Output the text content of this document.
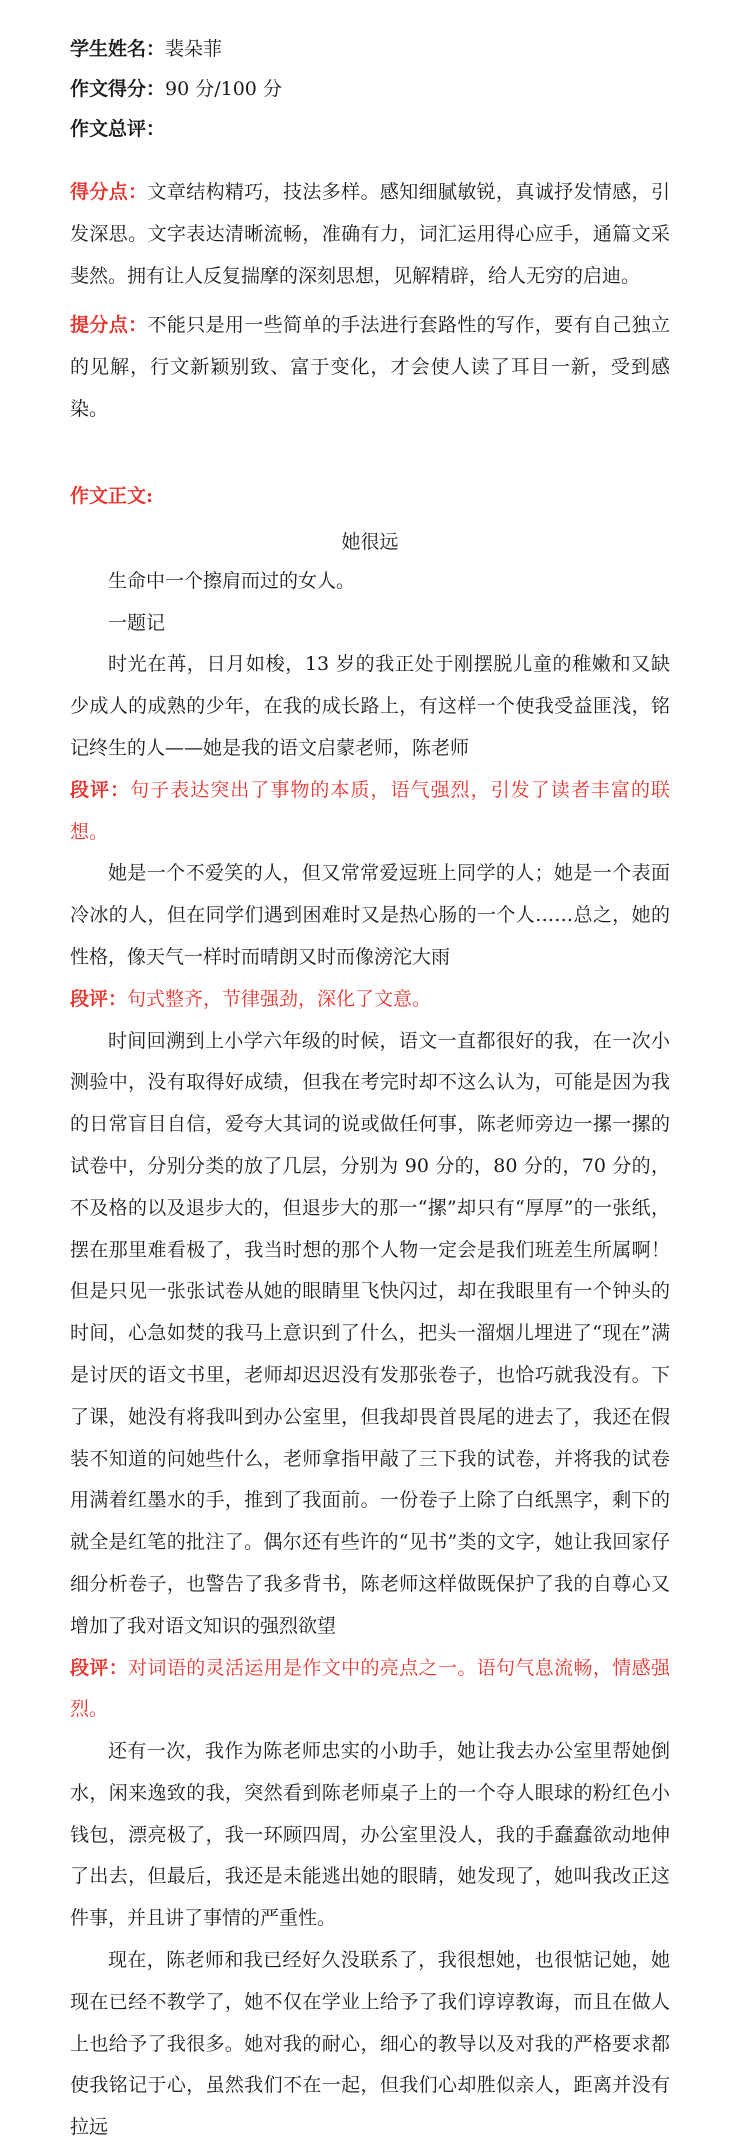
学生姓名：裴朵菲
作文得分：90 分/100 分
作文总评：

得分点：文章结构精巧，技法多样。感知细腻敏锐，真诚抒发情感，引发深思。文字表达清晰流畅，准确有力，词汇运用得心应手，通篇文采斐然。拥有让人反复揣摩的深刻思想，见解精辟，给人无穷的启迪。

提分点：不能只是用一些简单的手法进行套路性的写作，要有自己独立的见解，行文新颖别致、富于变化，才会使人读了耳目一新，受到感染。

作文正文:

她很远

生命中一个擦肩而过的女人。

一题记

时光在苒，日月如梭，13 岁的我正处于刚摆脱儿童的稚嫩和又缺少成人的成熟的少年，在我的成长路上，有这样一个使我受益匪浅，铭记终生的人——她是我的语文启蒙老师，陈老师

段评：句子表达突出了事物的本质，语气强烈，引发了读者丰富的联想。

她是一个不爱笑的人，但又常常爱逗班上同学的人；她是一个表面冷冰的人，但在同学们遇到困难时又是热心肠的一个人……总之，她的性格，像天气一样时而晴朗又时而像滂沱大雨

段评：句式整齐，节律强劲，深化了文意。

时间回溯到上小学六年级的时候，语文一直都很好的我，在一次小测验中，没有取得好成绩，但我在考完时却不这么认为，可能是因为我的日常盲目自信，爱夸大其词的说或做任何事，陈老师旁边一摞一摞的试卷中，分别分类的放了几层，分别为 90 分的，80 分的，70 分的，不及格的以及退步大的，但退步大的那一“摞”却只有“厚厚”的一张纸，摆在那里难看极了，我当时想的那个人物一定会是我们班差生所属啊！但是只见一张张试卷从她的眼睛里飞快闪过，却在我眼里有一个钟头的时间，心急如焚的我马上意识到了什么，把头一溜烟儿埋进了“现在”满是讨厌的语文书里，老师却迟迟没有发那张卷子，也恰巧就我没有。下了课，她没有将我叫到办公室里，但我却畏首畏尾的进去了，我还在假装不知道的问她些什么，老师拿指甲敲了三下我的试卷，并将我的试卷用满着红墨水的手，推到了我面前。一份卷子上除了白纸黑字，剩下的就全是红笔的批注了。偶尔还有些许的“见书”类的文字，她让我回家仔细分析卷子，也警告了我多背书，陈老师这样做既保护了我的自尊心又增加了我对语文知识的强烈欲望

段评：对词语的灵活运用是作文中的亮点之一。语句气息流畅，情感强烈。

还有一次，我作为陈老师忠实的小助手，她让我去办公室里帮她倒水，闲来逸致的我，突然看到陈老师桌子上的一个夺人眼球的粉红色小钱包，漂亮极了，我一环顾四周，办公室里没人，我的手蠢蠢欲动地伸了出去，但最后，我还是未能逃出她的眼睛，她发现了，她叫我改正这件事，并且讲了事情的严重性。

现在，陈老师和我已经好久没联系了，我很想她，也很惦记她，她现在已经不教学了，她不仅在学业上给予了我们谆谆教诲，而且在做人上也给予了我很多。她对我的耐心，细心的教导以及对我的严格要求都使我铭记于心，虽然我们不在一起，但我们心却胜似亲人，距离并没有拉远
